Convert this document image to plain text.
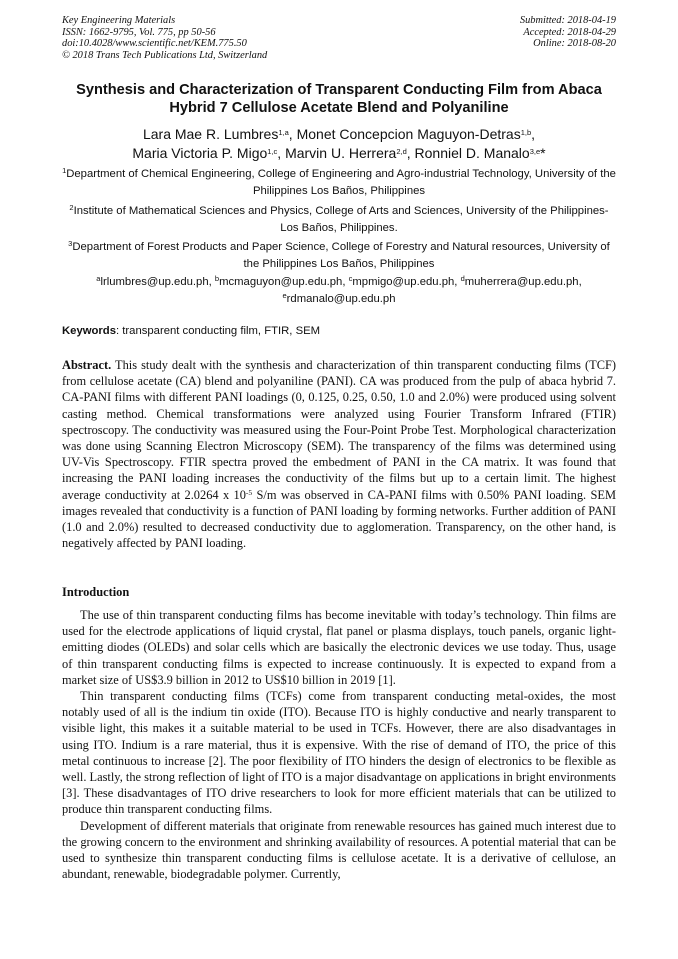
Key Engineering Materials
ISSN: 1662-9795, Vol. 775, pp 50-56
doi:10.4028/www.scientific.net/KEM.775.50
© 2018 Trans Tech Publications Ltd, Switzerland
Submitted: 2018-04-19
Accepted: 2018-04-29
Online: 2018-08-20
Synthesis and Characterization of Transparent Conducting Film from Abaca Hybrid 7 Cellulose Acetate Blend and Polyaniline
Lara Mae R. Lumbres$^{1,a}$, Monet Concepcion Maguyon-Detras$^{1,b}$,
Maria Victoria P. Migo$^{1,c}$, Marvin U. Herrera$^{2,d}$, Ronniel D. Manalo$^{3,e}$*
$^1$Department of Chemical Engineering, College of Engineering and Agro-industrial Technology, University of the Philippines Los Baños, Philippines
$^2$Institute of Mathematical Sciences and Physics, College of Arts and Sciences, University of the Philippines-Los Baños, Philippines.
$^3$Department of Forest Products and Paper Science, College of Forestry and Natural resources, University of the Philippines Los Baños, Philippines
$^a$lrlumbres@up.edu.ph, $^b$mcmaguyon@up.edu.ph, $^c$mpmigo@up.edu.ph, $^d$muherrera@up.edu.ph,
$^e$rdmanalo@up.edu.ph
Keywords: transparent conducting film, FTIR, SEM
Abstract. This study dealt with the synthesis and characterization of thin transparent conducting films (TCF) from cellulose acetate (CA) blend and polyaniline (PANI). CA was produced from the pulp of abaca hybrid 7. CA-PANI films with different PANI loadings (0, 0.125, 0.25, 0.50, 1.0 and 2.0%) were produced using solvent casting method. Chemical transformations were analyzed using Fourier Transform Infrared (FTIR) spectroscopy. The conductivity was measured using the Four-Point Probe Test. Morphological characterization was done using Scanning Electron Microscopy (SEM). The transparency of the films was determined using UV-Vis Spectroscopy. FTIR spectra proved the embedment of PANI in the CA matrix. It was found that increasing the PANI loading increases the conductivity of the films but up to a certain limit. The highest average conductivity at 2.0264 x $10^{-5}$ S/m was observed in CA-PANI films with 0.50% PANI loading. SEM images revealed that conductivity is a function of PANI loading by forming networks. Further addition of PANI (1.0 and 2.0%) resulted to decreased conductivity due to agglomeration. Transparency, on the other hand, is negatively affected by PANI loading.
Introduction

The use of thin transparent conducting films has become inevitable with today’s technology. Thin films are used for the electrode applications of liquid crystal, flat panel or plasma displays, touch panels, organic light-emitting diodes (OLEDs) and solar cells which are basically the electronic devices we use today. Thus, usage of thin transparent conducting films is expected to increase continuously. It is expected to expand from a market size of US$3.9 billion in 2012 to US$10 billion in 2019 [1].

Thin transparent conducting films (TCFs) come from transparent conducting metal-oxides, the most notably used of all is the indium tin oxide (ITO). Because ITO is highly conductive and nearly transparent to visible light, this makes it a suitable material to be used in TCFs. However, there are also disadvantages in using ITO. Indium is a rare material, thus it is expensive. With the rise of demand of ITO, the price of this metal continuous to increase [2]. The poor flexibility of ITO hinders the design of electronics to be flexible as well. Lastly, the strong reflection of light of ITO is a major disadvantage on applications in bright environments [3]. These disadvantages of ITO drive researchers to look for more efficient materials that can be utilized to produce thin transparent conducting films.

Development of different materials that originate from renewable resources has gained much interest due to the growing concern to the environment and shrinking availability of resources. A potential material that can be used to synthesize thin transparent conducting films is cellulose acetate. It is a derivative of cellulose, an abundant, renewable, biodegradable polymer. Currently,
